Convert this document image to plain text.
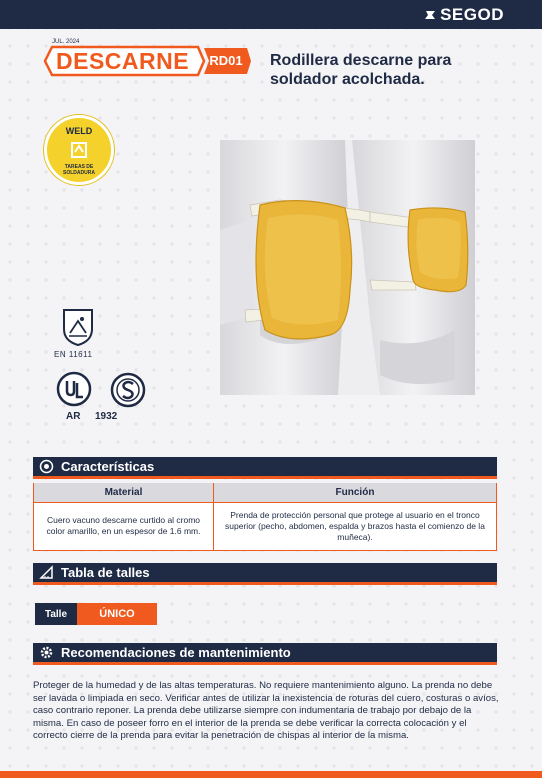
SEGOD
JUL. 2024
DESCARNE	RD01	Rodillera descarne para soldador acolchada.
WELD
TAREAS DE SOLDADURA
EN 11611
AR 1932
Características
Material	Función
Cuero vacuno descarne curtido al cromo color amarillo, en un espesor de 1.6 mm.	Prenda de protección personal que protege al usuario en el tronco superior (pecho, abdomen, espalda y brazos hasta el comienzo de la muñeca).
Tabla de talles
Talle	ÚNICO
Recomendaciones de mantenimiento
Proteger de la humedad y de las altas temperaturas. No requiere mantenimiento alguno. La prenda no debe ser lavada o limpiada en seco. Verificar antes de utilizar la inexistencia de roturas del cuero, costuras o avíos, caso contrario reponer. La prenda debe utilizarse siempre con indumentaria de trabajo por debajo de la misma. En caso de poseer forro en el interior de la prenda se debe verificar la correcta colocación y el correcto cierre de la prenda para evitar la penetración de chispas al interior de la misma.
